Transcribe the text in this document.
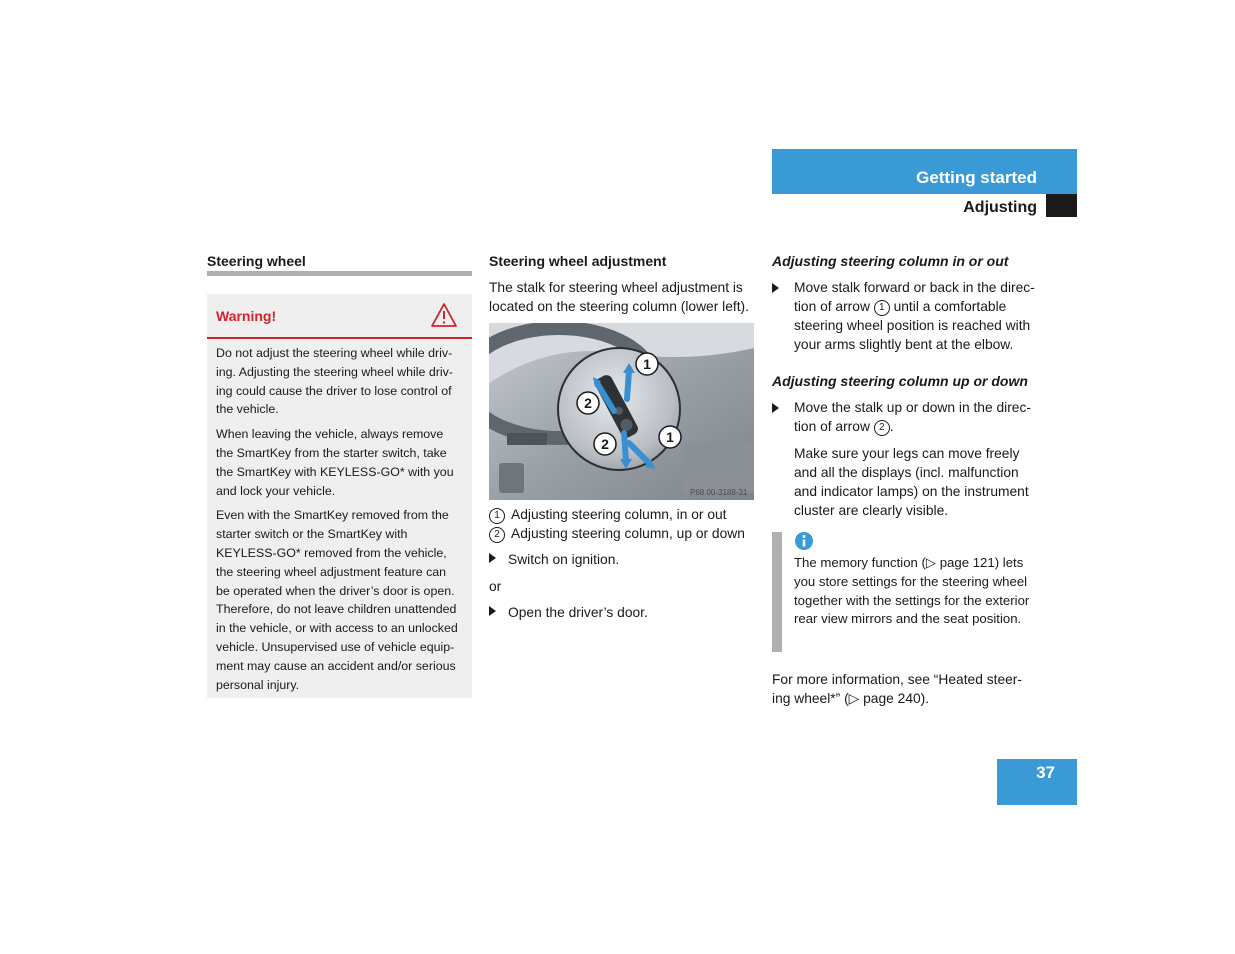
Getting started
Adjusting
Steering wheel
Warning!

Do not adjust the steering wheel while driv-ing. Adjusting the steering wheel while driv-ing could cause the driver to lose control of the vehicle.

When leaving the vehicle, always remove the SmartKey from the starter switch, take the SmartKey with KEYLESS-GO* with you and lock your vehicle.

Even with the SmartKey removed from the starter switch or the SmartKey with KEYLESS-GO* removed from the vehicle, the steering wheel adjustment feature can be operated when the driver’s door is open. Therefore, do not leave children unattended in the vehicle, or with access to an unlocked vehicle. Unsupervised use of vehicle equip-ment may cause an accident and/or serious personal injury.

Steering wheel adjustment
The stalk for steering wheel adjustment is located on the steering column (lower left).
1
2
2	1
P68.00-3188-31
1 Adjusting steering column, in or out
2 Adjusting steering column, up or down
Switch on ignition.
or
Open the driver’s door.
Adjusting steering column in or out
Move stalk forward or back in the direc-tion of arrow 1 until a comfortable steering wheel position is reached with your arms slightly bent at the elbow.
Adjusting steering column up or down
Move the stalk up or down in the direc-tion of arrow 2 .
Make sure your legs can move freely and all the displays (incl. malfunction and indicator lamps) on the instrument cluster are clearly visible.
The memory function (▷ page 121) lets you store settings for the steering wheel together with the settings for the exterior rear view mirrors and the seat position.
For more information, see “Heated steer-ing wheel*” (▷ page 240).
37
